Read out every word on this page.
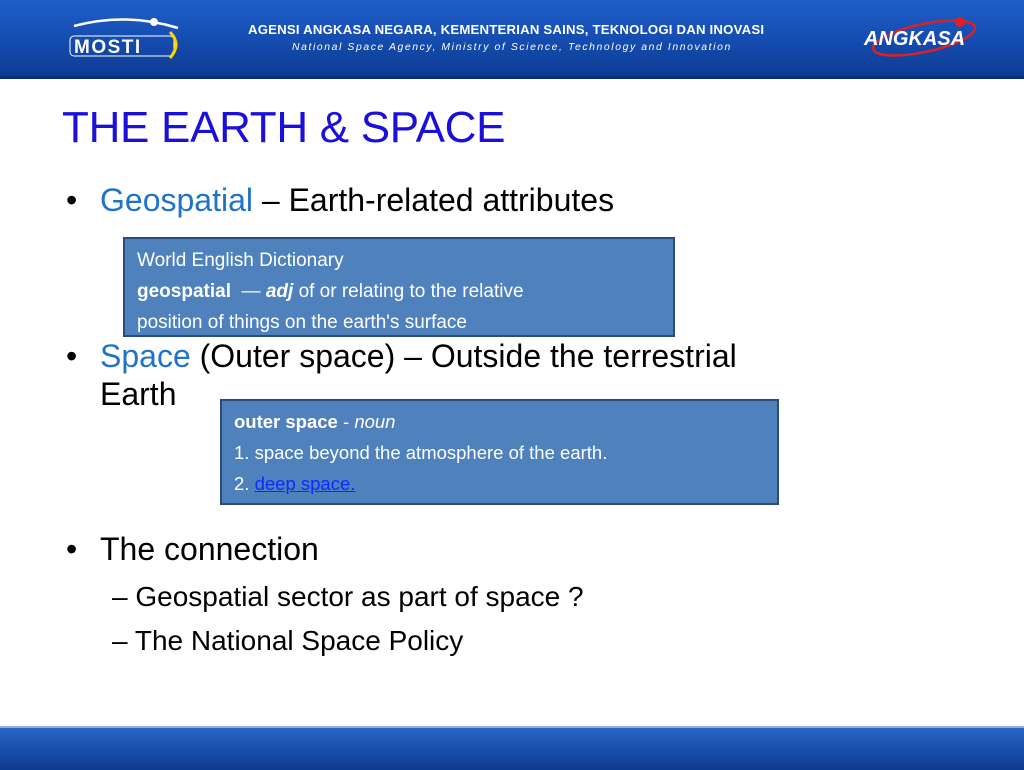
MOSTI
AGENSI ANGKASA NEGARA, KEMENTERIAN SAINS, TEKNOLOGI DAN INOVASI
National Space Agency, Ministry of Science, Technology and Innovation	ANGKASA
THE EARTH & SPACE
• Geospatial – Earth-related attributes
World English Dictionary
geospatial — adj of or relating to the relative
position of things on the earth's surface
• Space (Outer space) – Outside the terrestrial
Earth
outer space - noun
1. space beyond the atmosphere of the earth.
2. deep space.
• The connection
– Geospatial sector as part of space ?
– The National Space Policy
